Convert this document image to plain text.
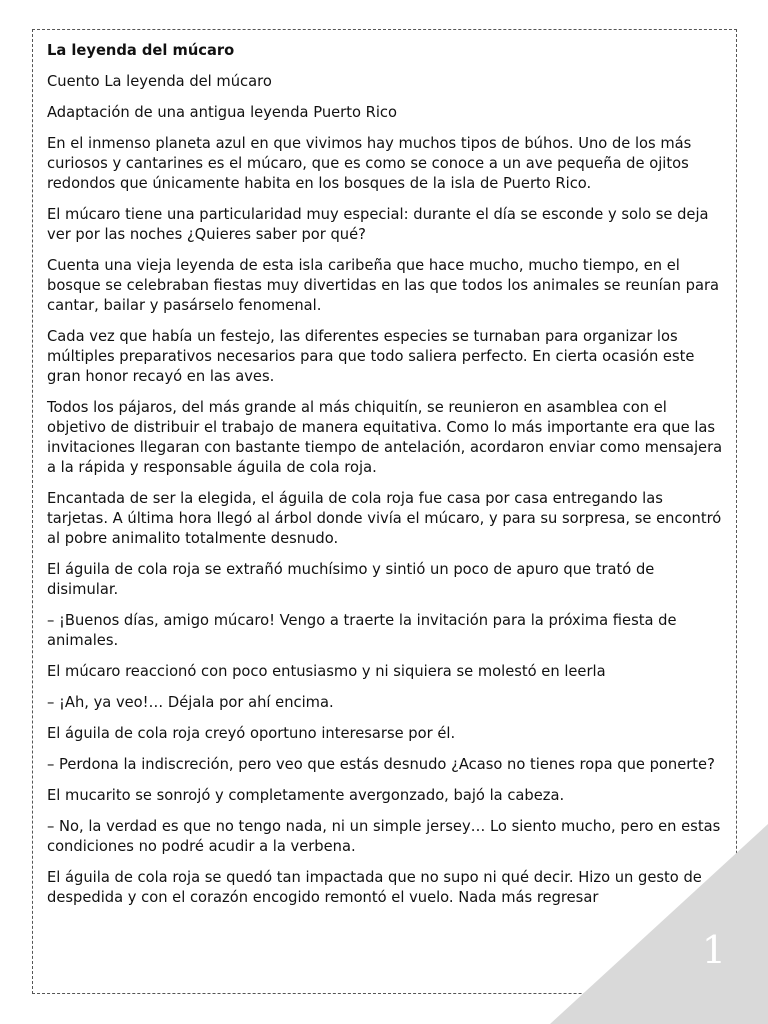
1

La leyenda del múcaro

Cuento La leyenda del múcaro

Adaptación de una antigua leyenda Puerto Rico

En el inmenso planeta azul en que vivimos hay muchos tipos de búhos. Uno de los más curiosos y cantarines es el múcaro, que es como se conoce a un ave pequeña de ojitos redondos que únicamente habita en los bosques de la isla de Puerto Rico.

El múcaro tiene una particularidad muy especial: durante el día se esconde y solo se deja ver por las noches ¿Quieres saber por qué?

Cuenta una vieja leyenda de esta isla caribeña que hace mucho, mucho tiempo, en el bosque se celebraban fiestas muy divertidas en las que todos los animales se reunían para cantar, bailar y pasárselo fenomenal.

Cada vez que había un festejo, las diferentes especies se turnaban para organizar los múltiples preparativos necesarios para que todo saliera perfecto. En cierta ocasión este gran honor recayó en las aves.

Todos los pájaros, del más grande al más chiquitín, se reunieron en asamblea con el objetivo de distribuir el trabajo de manera equitativa. Como lo más importante era que las invitaciones llegaran con bastante tiempo de antelación, acordaron enviar como mensajera a la rápida y responsable águila de cola roja.

Encantada de ser la elegida, el águila de cola roja fue casa por casa entregando las tarjetas. A última hora llegó al árbol donde vivía el múcaro, y para su sorpresa, se encontró al pobre animalito totalmente desnudo.

El águila de cola roja se extrañó muchísimo y sintió un poco de apuro que trató de disimular.

– ¡Buenos días, amigo múcaro! Vengo a traerte la invitación para la próxima fiesta de animales.

El múcaro reaccionó con poco entusiasmo y ni siquiera se molestó en leerla

– ¡Ah, ya veo!… Déjala por ahí encima.

El águila de cola roja creyó oportuno interesarse por él.

– Perdona la indiscreción, pero veo que estás desnudo ¿Acaso no tienes ropa que ponerte?

El mucarito se sonrojó y completamente avergonzado, bajó la cabeza.

– No, la verdad es que no tengo nada, ni un simple jersey… Lo siento mucho, pero en estas condiciones no podré acudir a la verbena.

El águila de cola roja se quedó tan impactada que no supo ni qué decir. Hizo un gesto de despedida y con el corazón encogido remontó el vuelo. Nada más regresar
